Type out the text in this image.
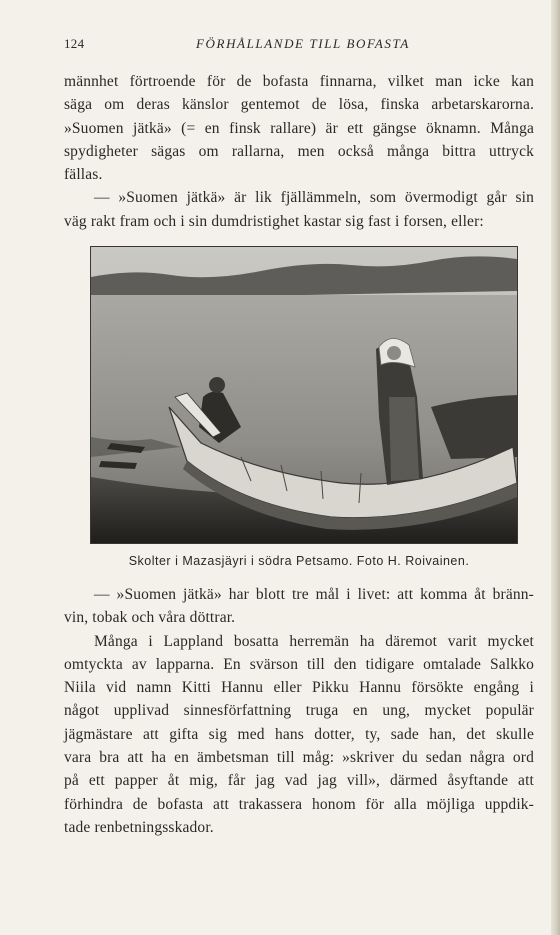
124	FÖRHÅLLANDE TILL BOFASTA
männhet förtroende för de bofasta finnarna, vilket man icke kan
säga om deras känslor gentemot de lösa, finska arbetarskarorna.
»Suomen jätkä» (= en finsk rallare) är ett gängse öknamn. Många
spydigheter sägas om rallarna, men också många bittra uttryck
fällas.
— »Suomen jätkä» är lik fjällämmeln, som övermodigt går sin
väg rakt fram och i sin dumdristighet kastar sig fast i forsen, eller:
Skolter i Mazasjäyri i södra Petsamo. Foto H. Roivainen.
— »Suomen jätkä» har blott tre mål i livet: att komma åt bränn-
vin, tobak och våra döttrar.
Många i Lappland bosatta herremän ha däremot varit mycket
omtyckta av lapparna. En svärson till den tidigare omtalade Salkko
Niila vid namn Kitti Hannu eller Pikku Hannu försökte engång i
något upplivad sinnesförfattning truga en ung, mycket populär
jägmästare att gifta sig med hans dotter, ty, sade han, det skulle
vara bra att ha en ämbetsman till måg: »skriver du sedan några ord
på ett papper åt mig, får jag vad jag vill», därmed åsyftande att
förhindra de bofasta att trakassera honom för alla möjliga uppdik-
tade renbetningsskador.
